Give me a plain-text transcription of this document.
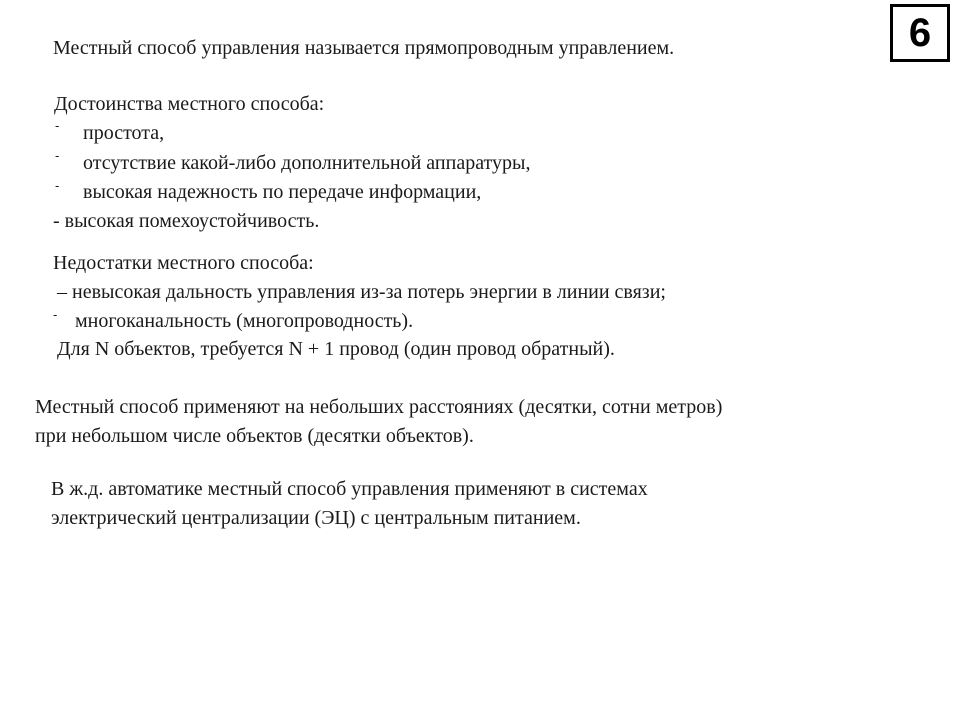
6
Местный способ управления называется прямопроводным управлением.
Достоинства местного способа:
- простота,
- отсутствие какой-либо дополнительной аппаратуры,
- высокая надежность по передаче информации,
- высокая помехоустойчивость.
Недостатки местного способа:
– невысокая дальность управления из-за потерь энергии в линии связи;
- многоканальность (многопроводность).
Для N объектов, требуется N + 1 провод (один провод обратный).
Местный способ применяют на небольших расстояниях (десятки, сотни метров)
при небольшом числе объектов (десятки объектов).
В ж.д. автоматике местный способ управления применяют в системах
электрический централизации (ЭЦ) с центральным питанием.
